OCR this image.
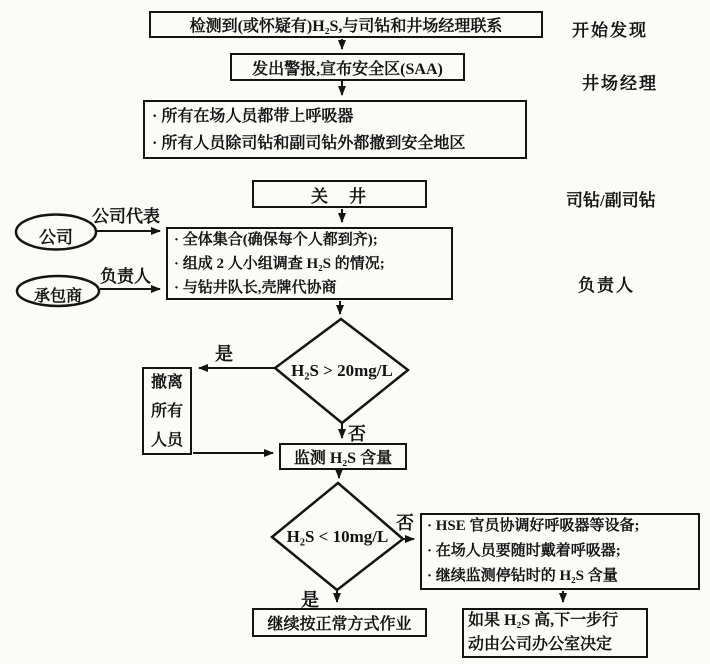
检测到(或怀疑有)H₂S,与司钻和井场经理联系
发出警报,宣布安全区(SAA)
· 所有在场人员都带上呼吸器
· 所有人员除司钻和副司钻外都撤到安全地区
关　井
· 全体集合(确保每个人都到齐);
· 组成 2 人小组调查 H₂S 的情况;
· 与钻井队长,壳牌代协商
撤离
所有
人员
监测 H₂S 含量
· HSE 官员协调好呼吸器等设备;
· 在场人员要随时戴着呼吸器;
· 继续监测停钻时的 H₂S 含量
继续按正常方式作业	如果 H₂S 高,下一步行
动由公司办公室决定
公司
承包商
H₂S > 20mg/L
H₂S < 10mg/L
公司代表
负责人
是
否
是
否
开始发现
井场经理
司钻/副司钻
负责人
